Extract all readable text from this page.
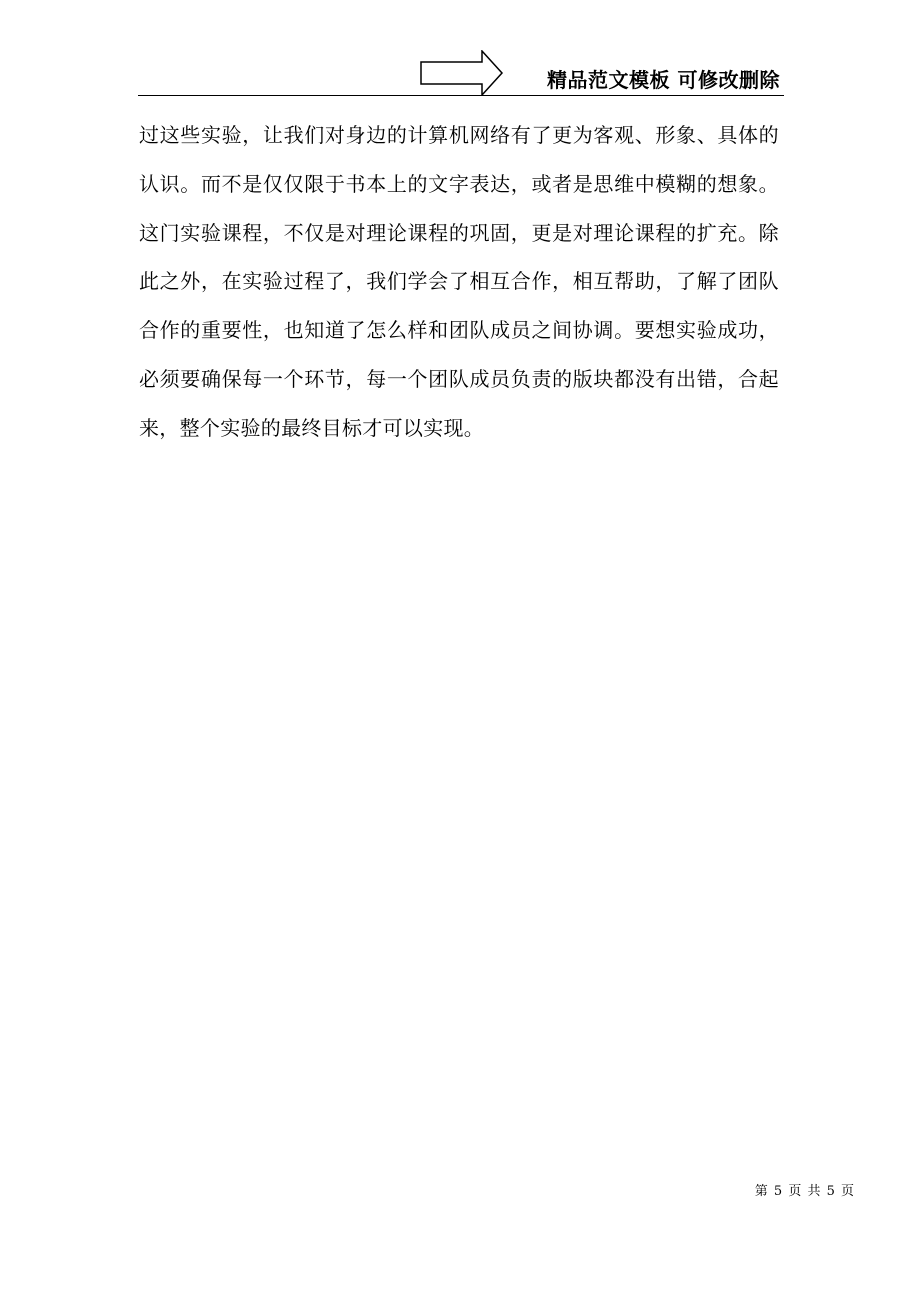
精品范文模板 可修改删除

过这些实验，让我们对身边的计算机网络有了更为客观、形象、具体的认识。而不是仅仅限于书本上的文字表达，或者是思维中模糊的想象。这门实验课程，不仅是对理论课程的巩固，更是对理论课程的扩充。除此之外，在实验过程了，我们学会了相互合作，相互帮助，了解了团队合作的重要性，也知道了怎么样和团队成员之间协调。要想实验成功，必须要确保每一个环节，每一个团队成员负责的版块都没有出错，合起来，整个实验的最终目标才可以实现。

第 5 页 共 5 页
